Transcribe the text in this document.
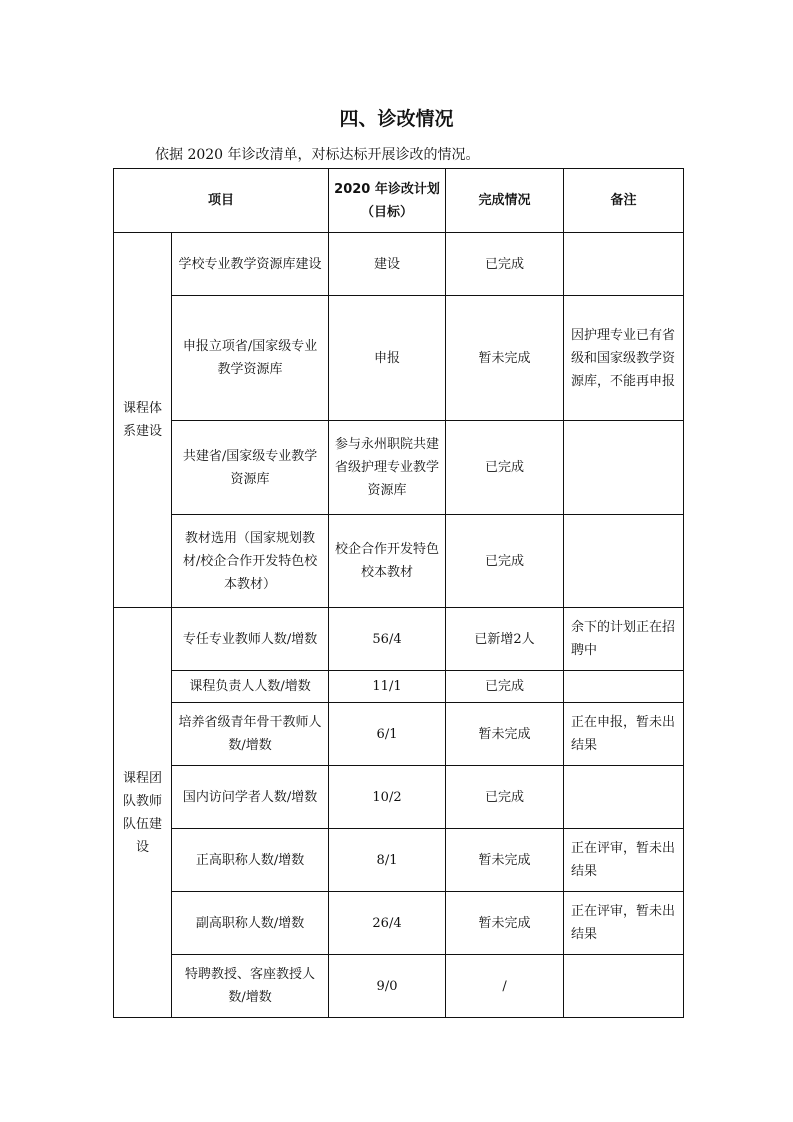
四、诊改情况
依据 2020 年诊改清单，对标达标开展诊改的情况。
项目		2020 年诊改计划（目标）	完成情况	备注
课程体系建设	学校专业教学资源库建设	建设	已完成	
	申报立项省/国家级专业教学资源库	申报	暂未完成	因护理专业已有省级和国家级教学资源库，不能再申报
	共建省/国家级专业教学资源库	参与永州职院共建省级护理专业教学资源库	已完成	
	教材选用（国家规划教材/校企合作开发特色校本教材）	校企合作开发特色校本教材	已完成	
课程团队教师队伍建设	专任专业教师人数/增数	56/4	已新增2人	余下的计划正在招聘中
	课程负责人人数/增数	11/1	已完成	
	培养省级青年骨干教师人数/增数	6/1	暂未完成	正在申报，暂未出结果
	国内访问学者人数/增数	10/2	已完成	
	正高职称人数/增数	8/1	暂未完成	正在评审，暂未出结果
	副高职称人数/增数	26/4	暂未完成	正在评审，暂未出结果
	特聘教授、客座教授人数/增数	9/0	/	
